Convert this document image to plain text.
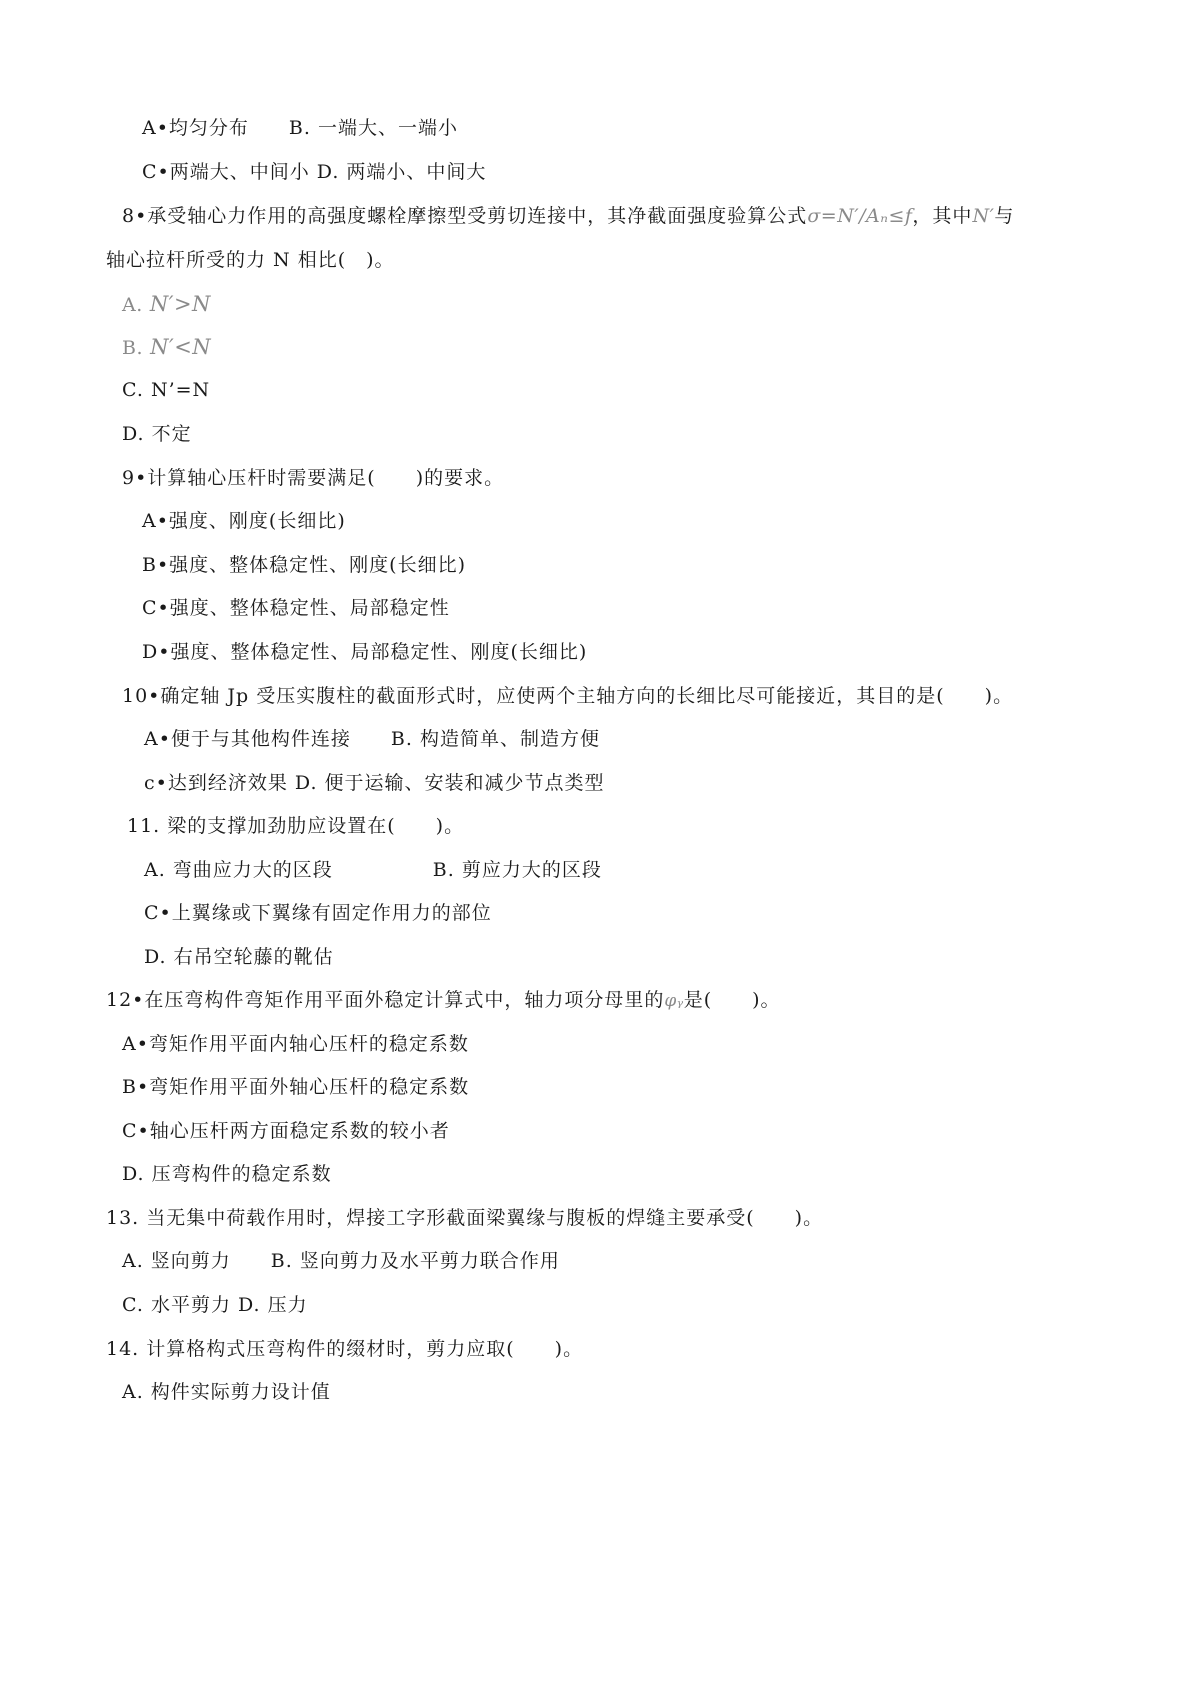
A•均匀分布　　B. 一端大、一端小
C•两端大、中间小 D. 两端小、中间大
8•承受轴心力作用的高强度螺栓摩擦型受剪切连接中，其净截面强度验算公式σ=N′/Aₙ≤f，其中N′与
轴心拉杆所受的力 N 相比(　)。
A. N′>N
B. N′<N
C. N’=N
D. 不定
9•计算轴心压杆时需要满足(　　)的要求。
A•强度、刚度(长细比)
B•强度、整体稳定性、刚度(长细比)
C•强度、整体稳定性、局部稳定性
D•强度、整体稳定性、局部稳定性、刚度(长细比)
10•确定轴 Jp 受压实腹柱的截面形式时，应使两个主轴方向的长细比尽可能接近，其目的是(　　)。
A•便于与其他构件连接　　B. 构造简单、制造方便
c•达到经济效果 D. 便于运输、安装和减少节点类型
11. 梁的支撑加劲肋应设置在(　　)。
A. 弯曲应力大的区段　　　　　B. 剪应力大的区段
C•上翼缘或下翼缘有固定作用力的部位
D. 右吊空轮藤的靴估
12•在压弯构件弯矩作用平面外稳定计算式中，轴力项分母里的φᵧ是(　　)。
A•弯矩作用平面内轴心压杆的稳定系数
B•弯矩作用平面外轴心压杆的稳定系数
C•轴心压杆两方面稳定系数的较小者
D. 压弯构件的稳定系数
13. 当无集中荷载作用时，焊接工字形截面梁翼缘与腹板的焊缝主要承受(　　)。
A. 竖向剪力　　B. 竖向剪力及水平剪力联合作用
C. 水平剪力 D. 压力
14. 计算格构式压弯构件的缀材时，剪力应取(　　)。
A. 构件实际剪力设计值
